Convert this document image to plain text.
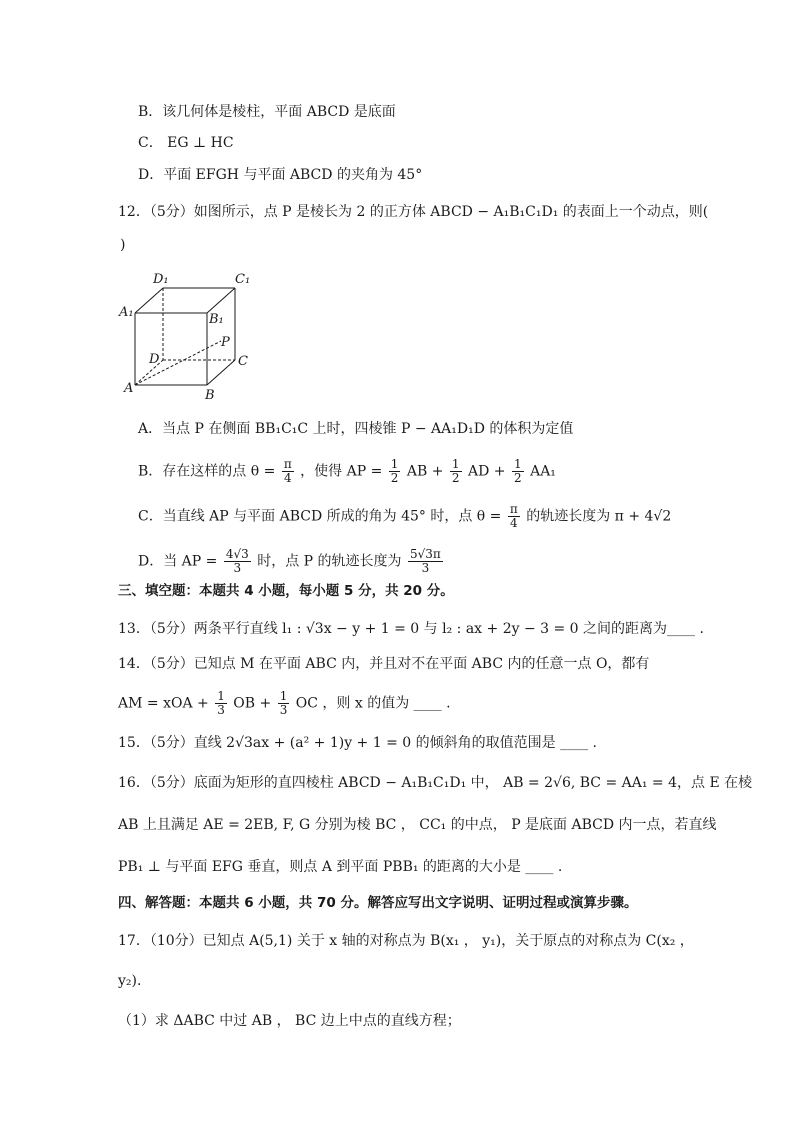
B．该几何体是棱柱，平面 ABCD 是底面
C． EG ⊥ HC
D．平面 EFGH 与平面 ABCD 的夹角为 45°
12．（5分）如图所示，点 P 是棱长为 2 的正方体 ABCD − A₁B₁C₁D₁ 的表面上一个动点，则(
)
D₁	C₁
A₁	B₁
D
P
C
A	B
A．当点 P 在侧面 BB₁C₁C 上时，四棱锥 P − AA₁D₁D 的体积为定值
B．存在这样的点 $\theta = \frac{\pi}{4}$ ，使得 AP = $\frac{1}{2}$ AB + $\frac{1}{2}$ AD + $\frac{1}{2} AA_1$
C．当直线 AP 与平面 ABCD 所成的角为 45° 时，点 $\theta = \frac{\pi}{4}$ 的轨迹长度为 π + 4√2
D．当 AP = $\frac{4√3}{3}$ 时，点 P 的轨迹长度为 $\frac{5√3\pi}{3}$
三、填空题：本题共 4 小题，每小题 5 分，共 20 分。
13．（5分）两条平行直线 l₁ : √3x − y + 1 = 0 与 l₂ : ax + 2y − 3 = 0 之间的距离为____ .
14．（5分）已知点 M 在平面 ABC 内，并且对不在平面 ABC 内的任意一点 O，都有
AM = xOA + $\frac{1}{3}$ OB + $\frac{1}{3}$ OC ，则 x 的值为 ____ .
15．（5分）直线 2√3ax + (a² + 1)y + 1 = 0 的倾斜角的取值范围是 ____ .
16．（5分）底面为矩形的直四棱柱 ABCD − A₁B₁C₁D₁ 中， AB = 2√6, BC = AA₁ = 4，点 E 在棱
AB 上且满足 AE = 2EB, F, G 分别为棱 BC ， CC₁ 的中点， P 是底面 ABCD 内一点，若直线
PB₁ ⊥ 与平面 EFG 垂直，则点 A 到平面 PBB₁ 的距离的大小是 ____ .
四、解答题：本题共 6 小题，共 70 分。解答应写出文字说明、证明过程或演算步骤。
17．（10分）已知点 A(5,1) 关于 x 轴的对称点为 B(x₁ ， y₁)，关于原点的对称点为 C(x₂ ，
y₂)．
（1）求 ΔABC 中过 AB ， BC 边上中点的直线方程；
